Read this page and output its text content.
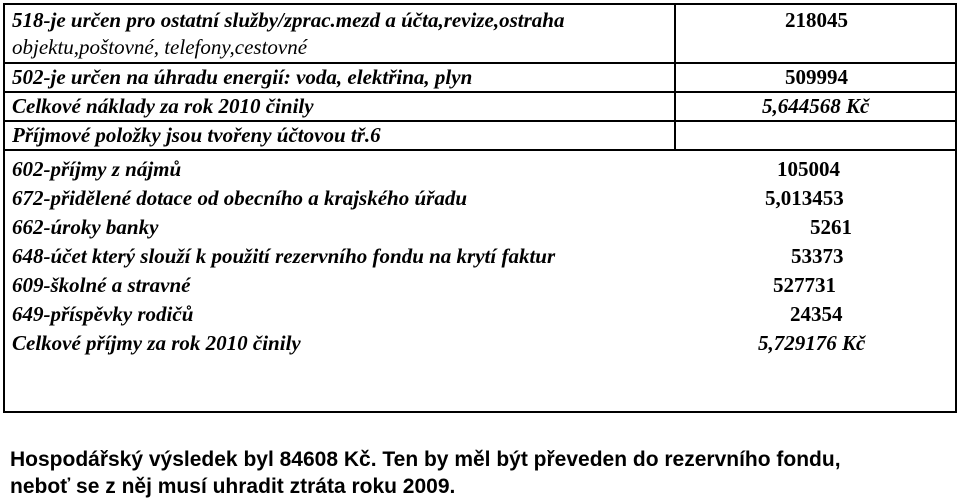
518-je určen pro ostatní služby/zprac.mezd a účta,revize,ostraha
objektu,poštovné, telefony,cestovné
218045
502-je určen na úhradu energií: voda, elektřina, plyn	509994
Celkové náklady za rok 2010 činily	5,644568 Kč
Příjmové položky jsou tvořeny účtovou tř.6
602-příjmy z nájmů	105004
672-přidělené dotace od obecního a krajského úřadu	5,013453
662-úroky banky	5261
648-účet který slouží k použití rezervního fondu na krytí faktur	53373
609-školné a stravné	527731
649-příspěvky rodičů	24354
Celkové příjmy za rok 2010 činily	5,729176 Kč
Hospodářský výsledek byl 84608 Kč. Ten by měl být převeden do rezervního fondu,
neboť se z něj musí uhradit ztráta roku 2009.
